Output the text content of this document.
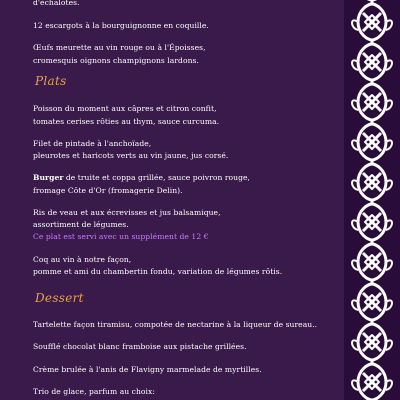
d'échalotes.

12 escargots à la bourguignonne en coquille.

Œufs meurette au vin rouge ou à l'Époisses,

cromesquis oignons champignons lardons.

Plats

Poisson du moment aux câpres et citron confit,

tomates cerises rôties au thym, sauce curcuma.

Filet de pintade à l'anchoïade,

pleurotes et haricots verts au vin jaune, jus corsé.

Burger de truite et coppa grillée, sauce poivron rouge,

fromage Côte d'Or (fromagerie Delin).

Ris de veau et aux écrevisses et jus balsamique,

assortiment de légumes.

Ce plat est servi avec un supplément de 12 €

Coq au vin à notre façon,

pomme et ami du chambertin fondu, variation de légumes rôtis.

Dessert

Tartelette façon tiramisu, compotée de nectarine à la liqueur de sureau..

Soufflé chocolat blanc framboise aux pistache grillées.

Crème brulée à l'anis de Flavigny marmelade de myrtilles.

Trio de glace, parfum au choix:
